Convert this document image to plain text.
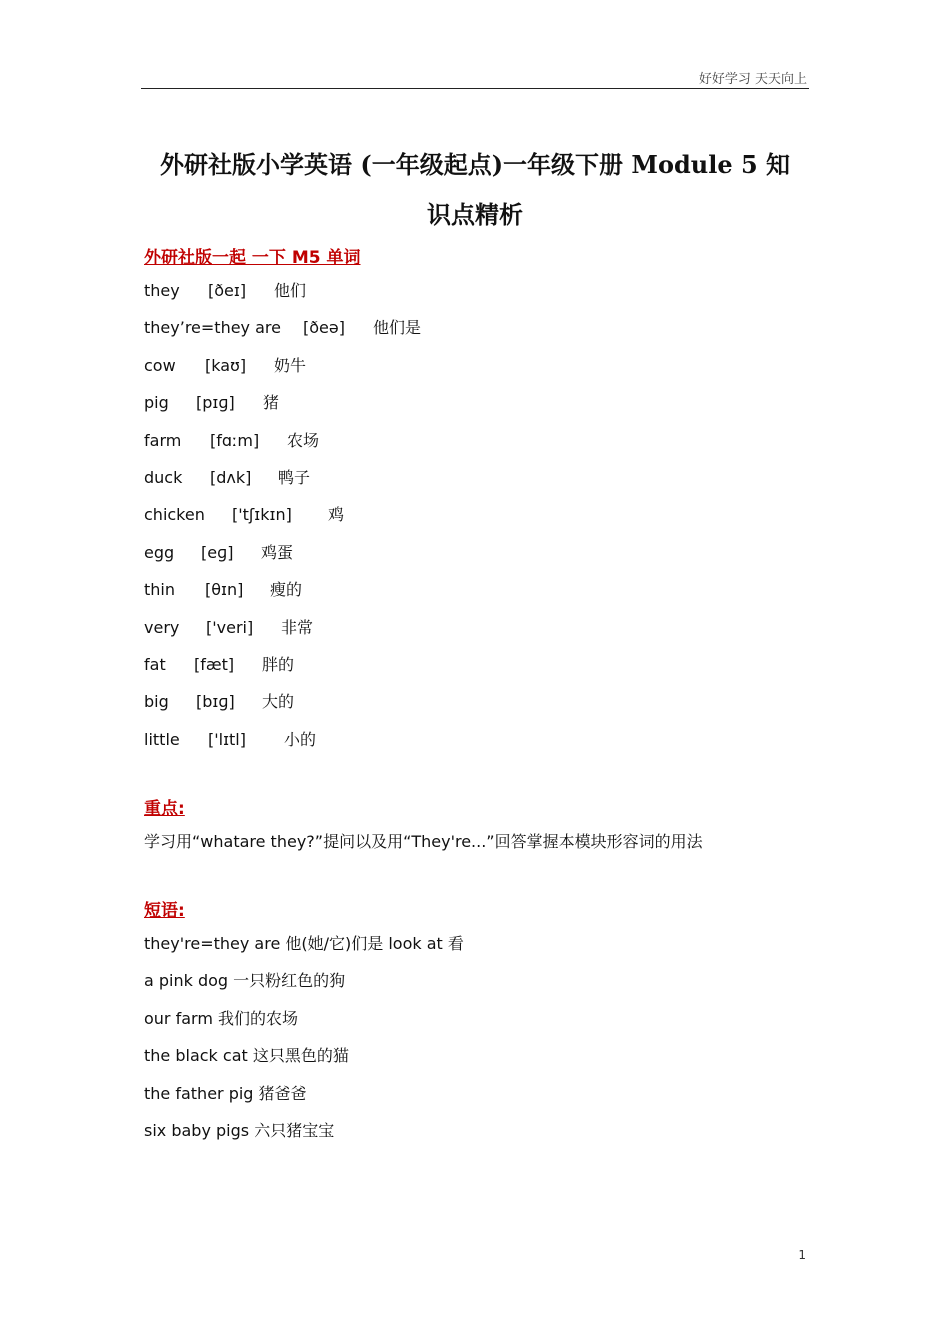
好好学习 天天向上
外研社版小学英语 (一年级起点)一年级下册 Module 5 知
识点精析
外研社版一起 一下 M5 单词
they [ðeɪ] 他们
they’re=they are [ðeə] 他们是
cow [kaʊ] 奶牛
pig [pɪɡ] 猪
farm [fɑːm] 农场
duck [dʌk] 鸭子
chicken ['tʃɪkɪn] 鸡
egg [eɡ] 鸡蛋
thin [θɪn] 瘦的
very ['veri] 非常
fat [fæt] 胖的
big [bɪɡ] 大的
little ['lɪtl] 小的
重点:
学习用“whatare they?”提问以及用“They're...”回答掌握本模块形容词的用法
短语:
they're=they are 他(她/它)们是 look at 看
a pink dog 一只粉红色的狗
our farm 我们的农场
the black cat 这只黑色的猫
the father pig 猪爸爸
six baby pigs 六只猪宝宝
1
